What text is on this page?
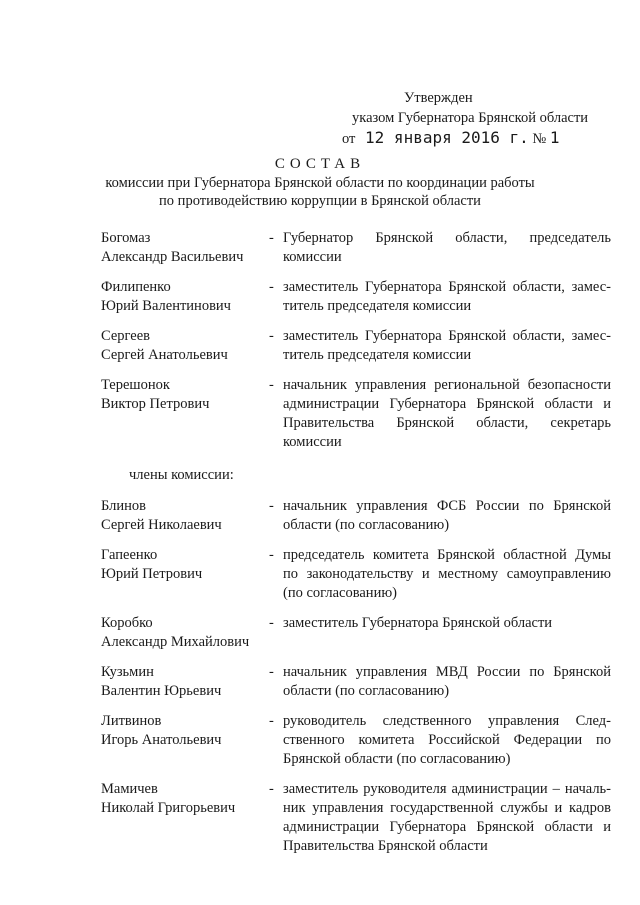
Утвержден
указом Губернатора Брянской области
от 12 января 2016 г. № 1
СОСТАВ
комиссии при Губернатора Брянской области по координации работы
по противодействию коррупции в Брянской области
Богомаз
Александр Васильевич
- Губернатор Брянской области, председатель
комиссии
Филипенко
Юрий Валентинович
- заместитель Губернатора Брянской области, замес-
титель председателя комиссии
Сергеев
Сергей Анатольевич
- заместитель Губернатора Брянской области, замес-
титель председателя комиссии
Терешонок
Виктор Петрович
- начальник управления региональной безопасности
администрации Губернатора Брянской области и
Правительства Брянской области, секретарь
комиссии
члены комиссии:
Блинов
Сергей Николаевич
- начальник управления ФСБ России по Брянской
области (по согласованию)
Гапеенко
Юрий Петрович
- председатель комитета Брянской областной Думы
по законодательству и местному самоуправлению
(по согласованию)
Коробко
Александр Михайлович
- заместитель Губернатора Брянской области
Кузьмин
Валентин Юрьевич
- начальник управления МВД России по Брянской
области (по согласованию)
Литвинов
Игорь Анатольевич
- руководитель следственного управления След-
ственного комитета Российской Федерации по
Брянской области (по согласованию)
Мамичев
Николай Григорьевич
- заместитель руководителя администрации – началь-
ник управления государственной службы и кадров
администрации Губернатора Брянской области и
Правительства Брянской области
